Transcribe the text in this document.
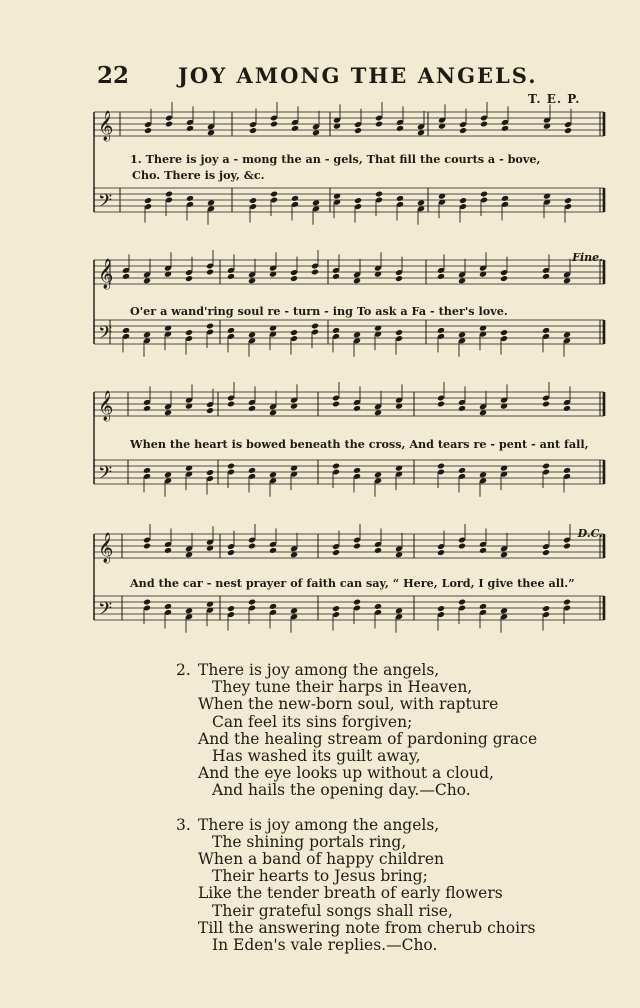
22 JOY AMONG THE ANGELS.
T. E. P.
𝄞
𝄢
1. There is joy a - mong the an - gels, That fill the courts a - bove,
Cho. There is joy, &c.
𝄞
𝄢
O'er a wand'ring soul re - turn - ing To ask a Fa - ther's love.
Fine.
𝄞
𝄢
When the heart is bowed beneath the cross, And tears re - pent - ant fall,
𝄞
𝄢
And the car - nest prayer of faith can say, “ Here, Lord, I give thee all.”
D.C.
2. There is joy among the angels,
They tune their harps in Heaven,
When the new-born soul, with rapture
Can feel its sins forgiven;
And the healing stream of pardoning grace
Has washed its guilt away,
And the eye looks up without a cloud,
And hails the opening day.—Cho.
3. There is joy among the angels,
The shining portals ring,
When a band of happy children
Their hearts to Jesus bring;
Like the tender breath of early flowers
Their grateful songs shall rise,
Till the answering note from cherub choirs
In Eden's vale replies.—Cho.
